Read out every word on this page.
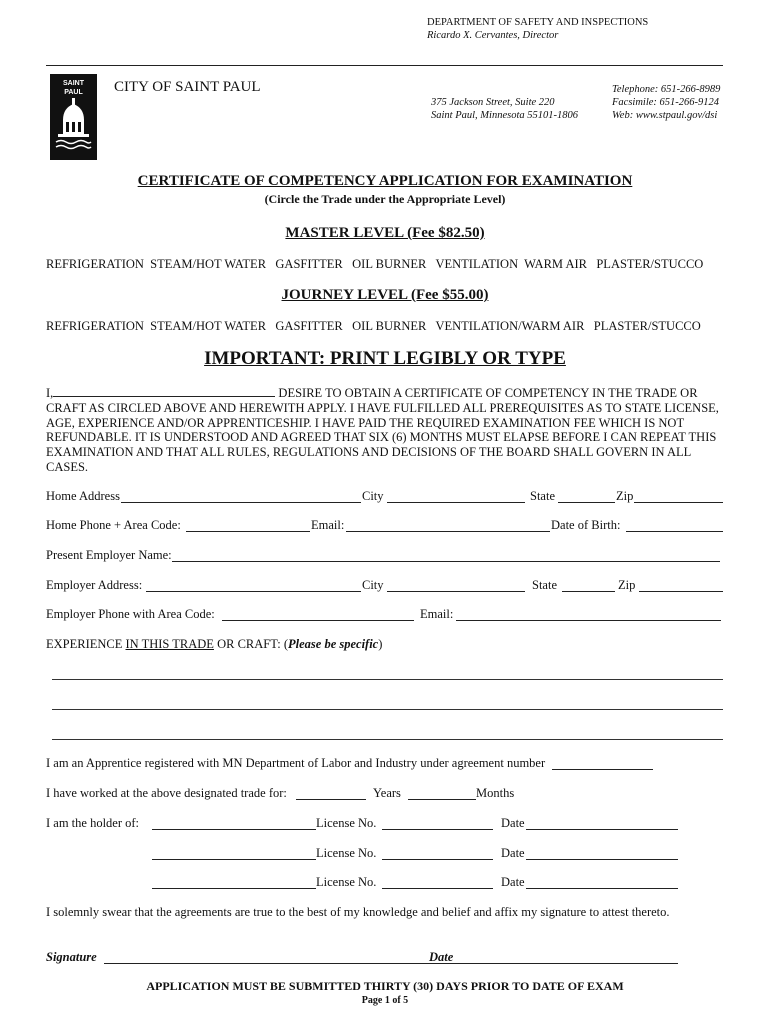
DEPARTMENT OF SAFETY AND INSPECTIONS
Ricardo X. Cervantes, Director
SAINT
PAUL CITY OF SAINT PAUL
375 Jackson Street, Suite 220
Saint Paul, Minnesota 55101-1806
Telephone: 651-266-8989
Facsimile: 651-266-9124
Web: www.stpaul.gov/dsi
CERTIFICATE OF COMPETENCY APPLICATION FOR EXAMINATION
(Circle the Trade under the Appropriate Level)
MASTER LEVEL (Fee $82.50)
REFRIGERATION  STEAM/HOT WATER   GASFITTER   OIL BURNER   VENTILATION  WARM AIR   PLASTER/STUCCO
JOURNEY LEVEL (Fee $55.00)
REFRIGERATION  STEAM/HOT WATER   GASFITTER   OIL BURNER   VENTILATION/WARM AIR   PLASTER/STUCCO
IMPORTANT: PRINT LEGIBLY OR TYPE
I,	DESIRE TO OBTAIN A CERTIFICATE OF COMPETENCY IN THE TRADE OR CRAFT AS CIRCLED ABOVE AND HEREWITH APPLY. I HAVE FULFILLED ALL PREREQUISITES AS TO STATE LICENSE, AGE, EXPERIENCE AND/OR APPRENTICESHIP. I HAVE PAID THE REQUIRED EXAMINATION FEE WHICH IS NOT REFUNDABLE. IT IS UNDERSTOOD AND AGREED THAT SIX (6) MONTHS MUST ELAPSE BEFORE I CAN REPEAT THIS EXAMINATION AND THAT ALL RULES, REGULATIONS AND DECISIONS OF THE BOARD SHALL GOVERN IN ALL CASES.
Home Address	City	State	Zip
Home Phone + Area Code:	Email:	Date of Birth:
Present Employer Name:
Employer Address:	City	State	Zip
Employer Phone with Area Code:	Email:
EXPERIENCE IN THIS TRADE OR CRAFT: (Please be specific)
I am an Apprentice registered with MN Department of Labor and Industry under agreement number
I have worked at the above designated trade for:	Years	Months
I am the holder of:	License No.	Date
License No.	Date
License No.	Date
I solemnly swear that the agreements are true to the best of my knowledge and belief and affix my signature to attest thereto.
Signature	Date
APPLICATION MUST BE SUBMITTED THIRTY (30) DAYS PRIOR TO DATE OF EXAM
Page 1 of 5
